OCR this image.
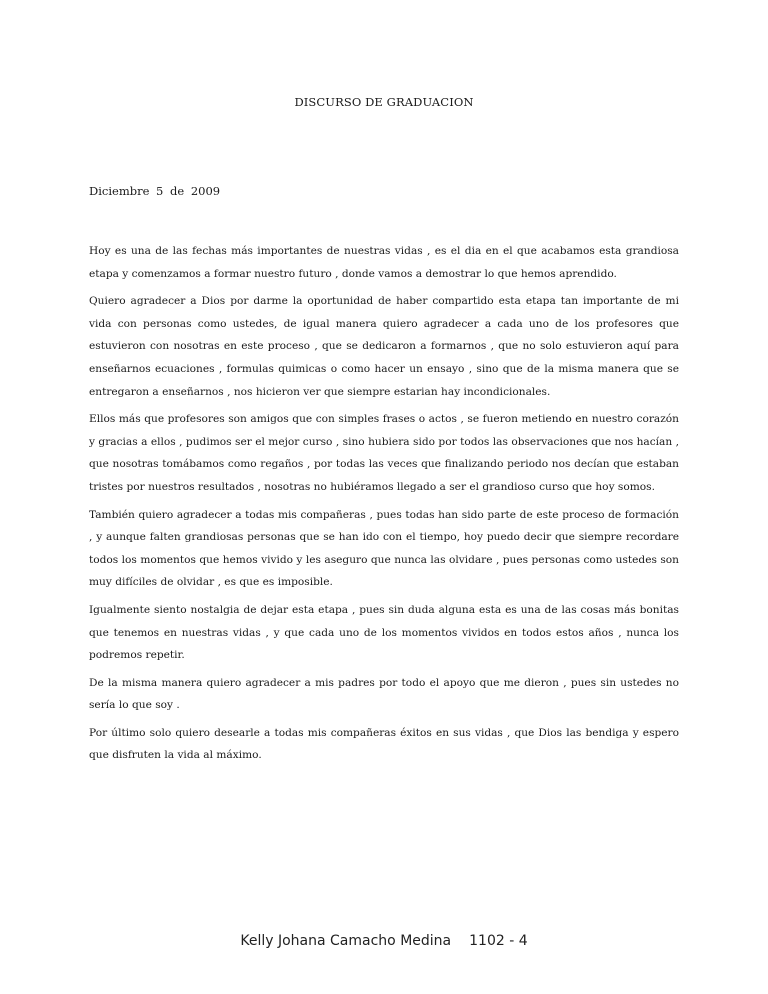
DISCURSO DE GRADUACION
Diciembre 5 de 2009

Hoy es una de las fechas más importantes de nuestras vidas , es el dia en el que acabamos esta grandiosa etapa y comenzamos a formar nuestro futuro , donde vamos a demostrar lo que hemos aprendido.

Quiero agradecer a Dios por darme la oportunidad de haber compartido esta etapa tan importante de mi vida con personas como ustedes, de igual manera quiero agradecer a cada uno de los profesores que estuvieron con nosotras en este proceso , que se dedicaron a formarnos , que no solo estuvieron aquí para enseñarnos ecuaciones , formulas quimicas o como hacer un ensayo , sino que de la misma manera que se entregaron a enseñarnos , nos hicieron ver que siempre estarian hay incondicionales.

Ellos más que profesores son amigos que con simples frases o actos , se fueron metiendo en nuestro corazón y gracias a ellos , pudimos ser el mejor curso , sino hubiera sido por todos las observaciones que nos hacían , que nosotras tomábamos como regaños , por todas las veces que finalizando periodo nos decían que estaban tristes por nuestros resultados , nosotras no hubiéramos llegado a ser el grandioso curso que hoy somos.

También quiero agradecer a todas mis compañeras , pues todas han sido parte de este proceso de formación , y aunque falten grandiosas personas que se han ido con el tiempo, hoy puedo decir que siempre recordare todos los momentos que hemos vivido y les aseguro que nunca las olvidare , pues personas como ustedes son muy difíciles de olvidar , es que es imposible.

Igualmente siento nostalgia de dejar esta etapa , pues sin duda alguna esta es una de las cosas más bonitas que tenemos en nuestras vidas , y que cada uno de los momentos vividos en todos estos años , nunca los podremos repetir.

De la misma manera quiero agradecer a mis padres por todo el apoyo que me dieron , pues sin ustedes no sería lo que soy .

Por último solo quiero desearle a todas mis compañeras éxitos en sus vidas , que Dios las bendiga y espero que disfruten la vida al máximo.

Kelly Johana Camacho Medina 1102 - 4
